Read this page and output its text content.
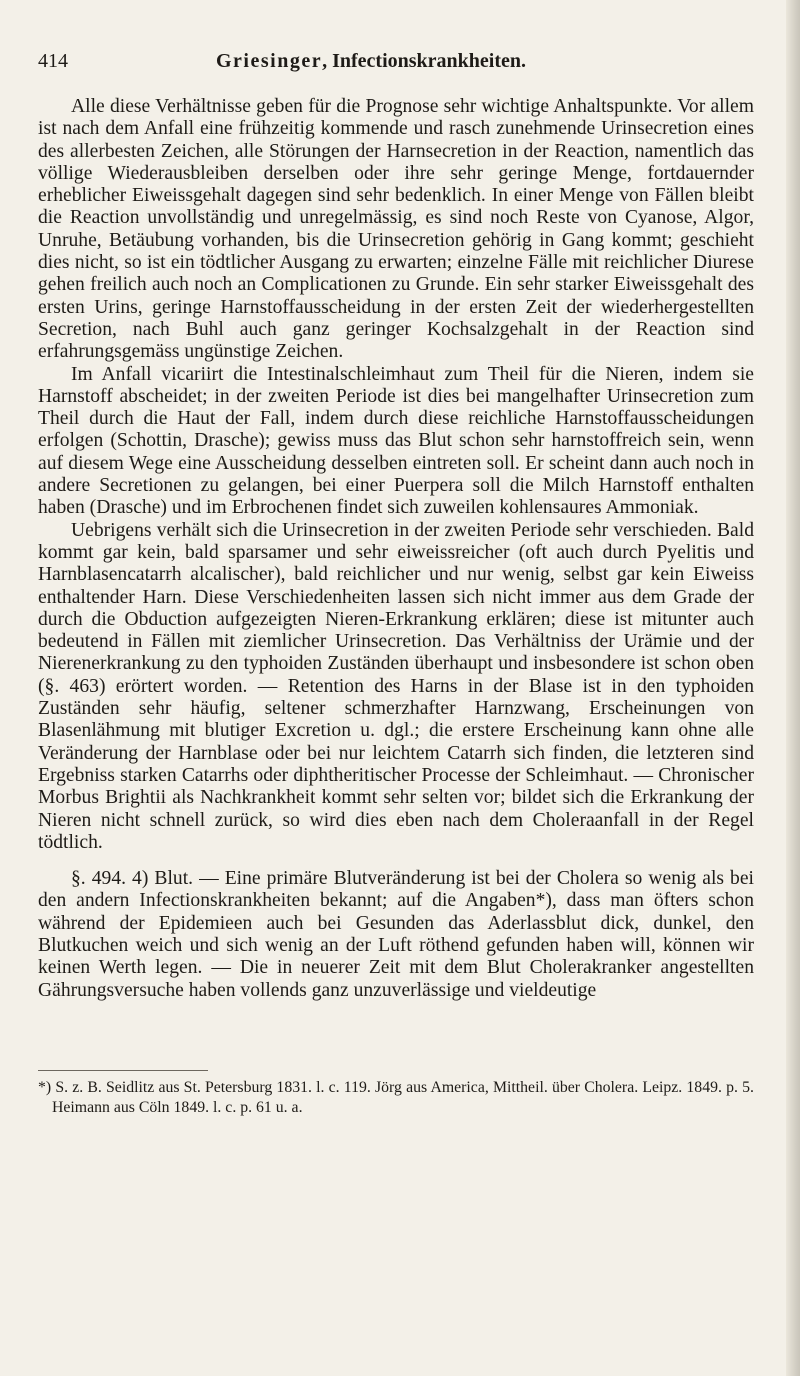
414	Griesinger, Infectionskrankheiten.

Alle diese Verhältnisse geben für die Prognose sehr wichtige Anhaltspunkte. Vor allem ist nach dem Anfall eine frühzeitig kommende und rasch zunehmende Urinsecretion eines des allerbesten Zeichen, alle Störungen der Harnsecretion in der Reaction, namentlich das völlige Wiederausbleiben derselben oder ihre sehr geringe Menge, fortdauernder erheblicher Eiweissgehalt dagegen sind sehr bedenklich. In einer Menge von Fällen bleibt die Reaction unvollständig und unregelmässig, es sind noch Reste von Cyanose, Algor, Unruhe, Betäubung vorhanden, bis die Urinsecretion gehörig in Gang kommt; geschieht dies nicht, so ist ein tödtlicher Ausgang zu erwarten; einzelne Fälle mit reichlicher Diurese gehen freilich auch noch an Complicationen zu Grunde. Ein sehr starker Eiweissgehalt des ersten Urins, geringe Harnstoffausscheidung in der ersten Zeit der wiederhergestellten Secretion, nach Buhl auch ganz geringer Kochsalzgehalt in der Reaction sind erfahrungsgemäss ungünstige Zeichen.

Im Anfall vicariirt die Intestinalschleimhaut zum Theil für die Nieren, indem sie Harnstoff abscheidet; in der zweiten Periode ist dies bei mangelhafter Urinsecretion zum Theil durch die Haut der Fall, indem durch diese reichliche Harnstoffausscheidungen erfolgen (Schottin, Drasche); gewiss muss das Blut schon sehr harnstoffreich sein, wenn auf diesem Wege eine Ausscheidung desselben eintreten soll. Er scheint dann auch noch in andere Secretionen zu gelangen, bei einer Puerpera soll die Milch Harnstoff enthalten haben (Drasche) und im Erbrochenen findet sich zuweilen kohlensaures Ammoniak.

Uebrigens verhält sich die Urinsecretion in der zweiten Periode sehr verschieden. Bald kommt gar kein, bald sparsamer und sehr eiweissreicher (oft auch durch Pyelitis und Harnblasencatarrh alcalischer), bald reichlicher und nur wenig, selbst gar kein Eiweiss enthaltender Harn. Diese Verschiedenheiten lassen sich nicht immer aus dem Grade der durch die Obduction aufgezeigten Nieren-Erkrankung erklären; diese ist mitunter auch bedeutend in Fällen mit ziemlicher Urinsecretion. Das Verhältniss der Urämie und der Nierenerkrankung zu den typhoiden Zuständen überhaupt und insbesondere ist schon oben (§. 463) erörtert worden. — Retention des Harns in der Blase ist in den typhoiden Zuständen sehr häufig, seltener schmerzhafter Harnzwang, Erscheinungen von Blasenlähmung mit blutiger Excretion u. dgl.; die erstere Erscheinung kann ohne alle Veränderung der Harnblase oder bei nur leichtem Catarrh sich finden, die letzteren sind Ergebniss starken Catarrhs oder diphtheritischer Processe der Schleimhaut. — Chronischer Morbus Brightii als Nachkrankheit kommt sehr selten vor; bildet sich die Erkrankung der Nieren nicht schnell zurück, so wird dies eben nach dem Choleraanfall in der Regel tödtlich.

§. 494. 4) Blut. — Eine primäre Blutveränderung ist bei der Cholera so wenig als bei den andern Infectionskrankheiten bekannt; auf die Angaben*), dass man öfters schon während der Epidemieen auch bei Gesunden das Aderlassblut dick, dunkel, den Blutkuchen weich und sich wenig an der Luft röthend gefunden haben will, können wir keinen Werth legen. — Die in neuerer Zeit mit dem Blut Cholerakranker angestellten Gährungsversuche haben vollends ganz unzuverlässige und vieldeutige

*) S. z. B. Seidlitz aus St. Petersburg 1831. l. c. 119. Jörg aus America, Mittheil. über Cholera. Leipz. 1849. p. 5. Heimann aus Cöln 1849. l. c. p. 61 u. a.
